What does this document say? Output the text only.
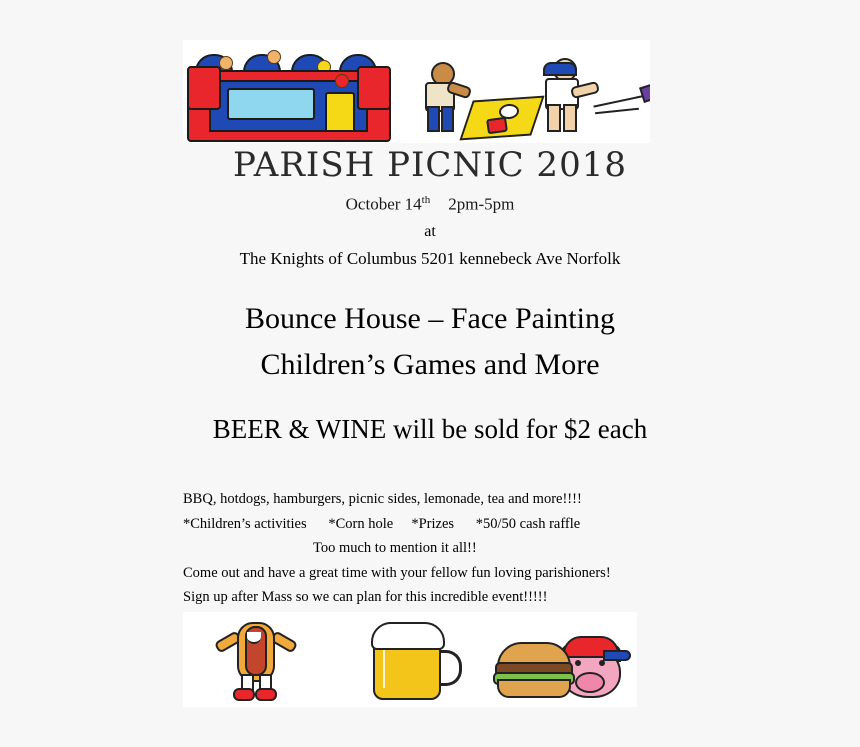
PARISH PICNIC 2018
October 14th 2pm-5pm
at
The Knights of Columbus 5201 kennebeck Ave Norfolk
Bounce House – Face Painting
Children’s Games and More
BEER & WINE will be sold for $2 each
BBQ, hotdogs, hamburgers, picnic sides, lemonade, tea and more!!!!
*Children’s activities      *Corn hole     *Prizes      *50/50 cash raffle
Too much to mention it all!!
Come out and have a great time with your fellow fun loving parishioners!
Sign up after Mass so we can plan for this incredible event!!!!!
